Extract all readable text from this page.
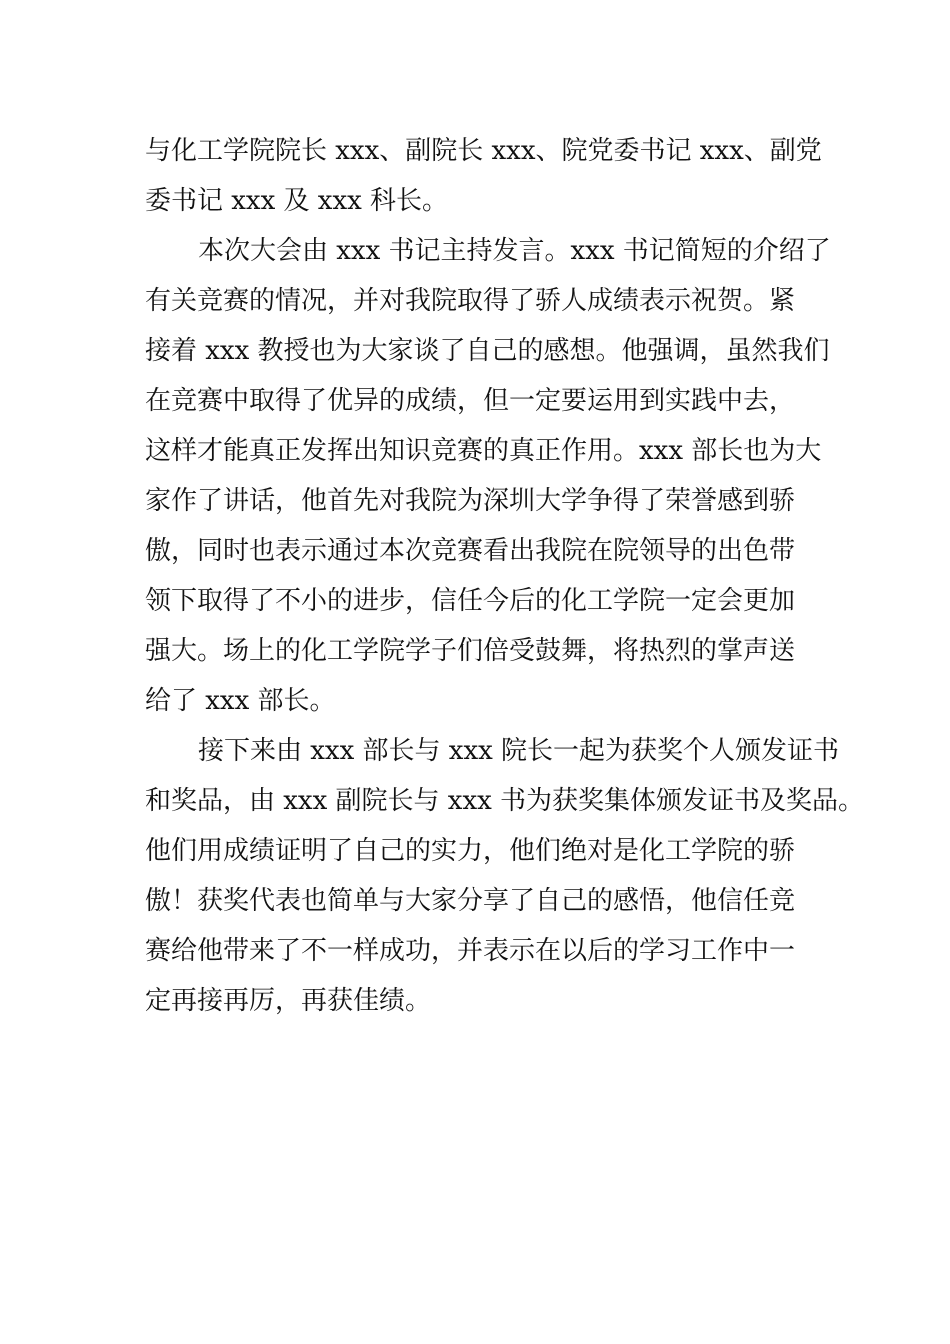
与化工学院院长 xxx、副院长 xxx、院党委书记 xxx、副党
委书记 xxx 及 xxx 科长。
本次大会由 xxx 书记主持发言。xxx 书记简短的介绍了
有关竞赛的情况，并对我院取得了骄人成绩表示祝贺。紧
接着 xxx 教授也为大家谈了自己的感想。他强调，虽然我们
在竞赛中取得了优异的成绩，但一定要运用到实践中去，
这样才能真正发挥出知识竞赛的真正作用。xxx 部长也为大
家作了讲话，他首先对我院为深圳大学争得了荣誉感到骄
傲，同时也表示通过本次竞赛看出我院在院领导的出色带
领下取得了不小的进步，信任今后的化工学院一定会更加
强大。场上的化工学院学子们倍受鼓舞，将热烈的掌声送
给了 xxx 部长。
接下来由 xxx 部长与 xxx 院长一起为获奖个人颁发证书
和奖品，由 xxx 副院长与 xxx 书为获奖集体颁发证书及奖品。
他们用成绩证明了自己的实力，他们绝对是化工学院的骄
傲！获奖代表也简单与大家分享了自己的感悟，他信任竞
赛给他带来了不一样成功，并表示在以后的学习工作中一
定再接再厉，再获佳绩。
